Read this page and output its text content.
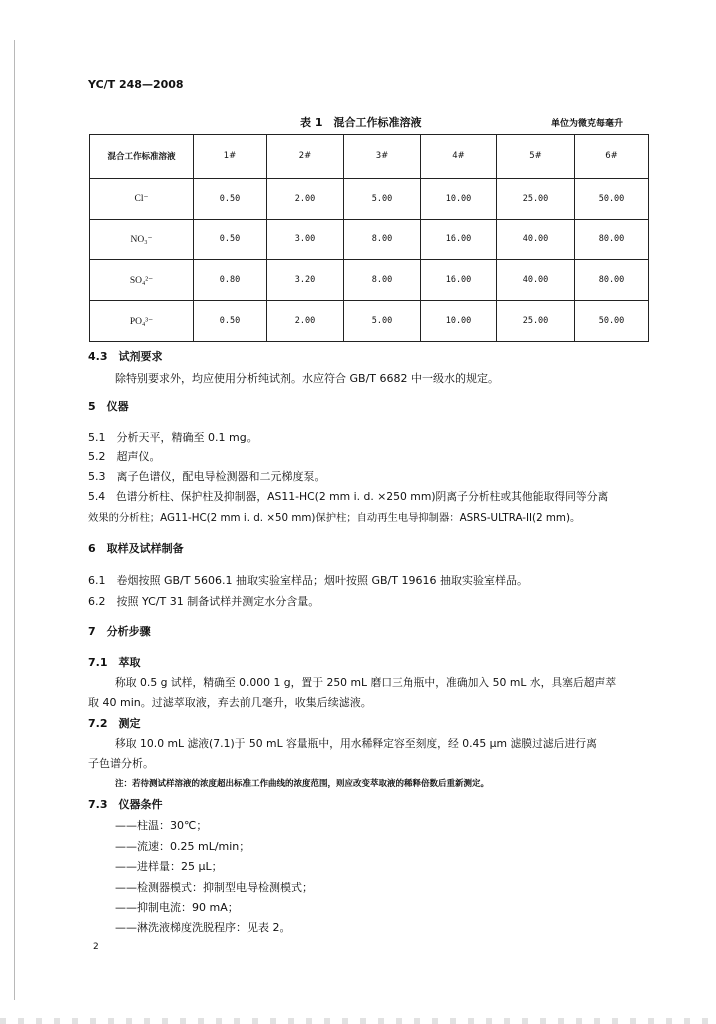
YC/T 248—2008
表 1　混合工作标准溶液	单位为微克每毫升
混合工作标准溶液	1#	2#	3#	4#	5#	6#
Cl⁻	0.50	2.00	5.00	10.00	25.00	50.00
NO₃⁻	0.50	3.00	8.00	16.00	40.00	80.00
SO₄²⁻	0.80	3.20	8.00	16.00	40.00	80.00
PO₄³⁻	0.50	2.00	5.00	10.00	25.00	50.00
4.3　试剂要求
除特别要求外，均应使用分析纯试剂。水应符合 GB/T 6682 中一级水的规定。
5　仪器
5.1　分析天平，精确至 0.1 mg。
5.2　超声仪。
5.3　离子色谱仪，配电导检测器和二元梯度泵。
5.4　色谱分析柱、保护柱及抑制器，AS11-HC(2 mm i. d. ×250 mm)阴离子分析柱或其他能取得同等分离
效果的分析柱；AG11-HC(2 mm i. d. ×50 mm)保护柱；自动再生电导抑制器：ASRS-ULTRA-II(2 mm)。
6　取样及试样制备
6.1　卷烟按照 GB/T 5606.1 抽取实验室样品；烟叶按照 GB/T 19616 抽取实验室样品。
6.2　按照 YC/T 31 制备试样并测定水分含量。
7　分析步骤
7.1　萃取
称取 0.5 g 试样，精确至 0.000 1 g，置于 250 mL 磨口三角瓶中，准确加入 50 mL 水，具塞后超声萃
取 40 min。过滤萃取液，弃去前几毫升，收集后续滤液。
7.2　测定
移取 10.0 mL 滤液(7.1)于 50 mL 容量瓶中，用水稀释定容至刻度，经 0.45 μm 滤膜过滤后进行离
子色谱分析。
注：若待测试样溶液的浓度超出标准工作曲线的浓度范围，则应改变萃取液的稀释倍数后重新测定。
7.3　仪器条件
——柱温：30℃；
——流速：0.25 mL/min；
——进样量：25 μL；
——检测器模式：抑制型电导检测模式；
——抑制电流：90 mA；
——淋洗液梯度洗脱程序：见表 2。
2
